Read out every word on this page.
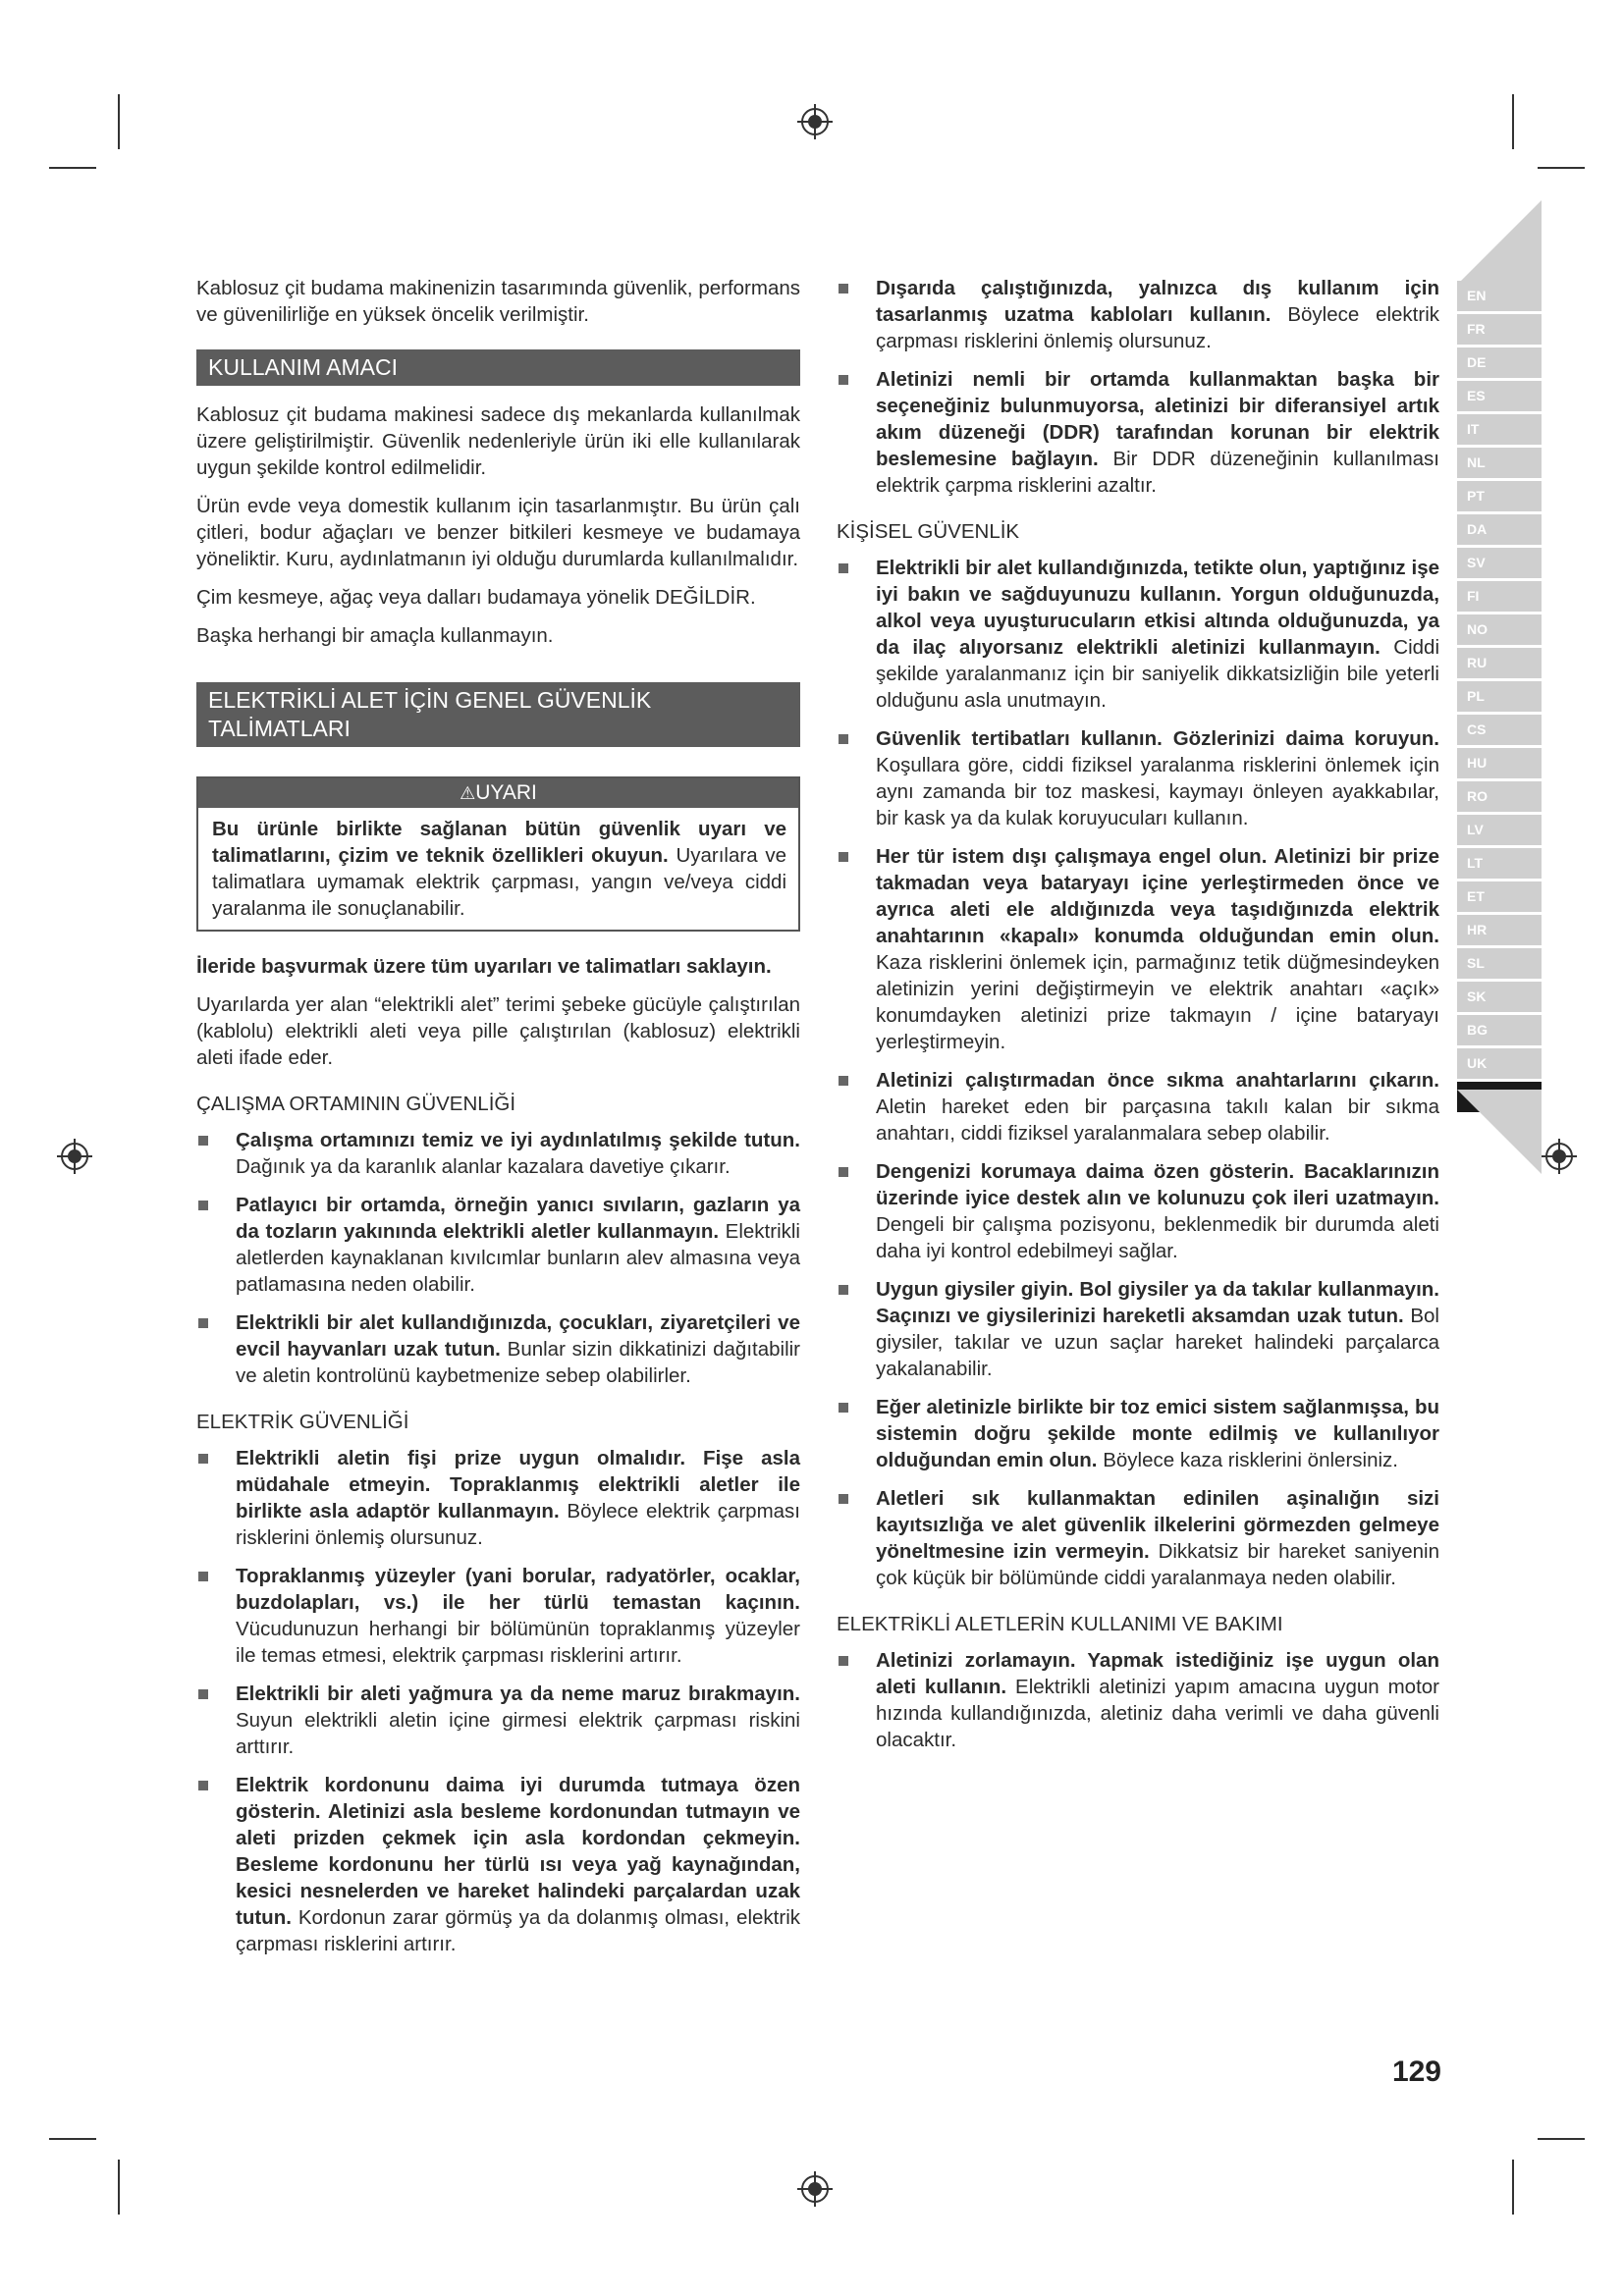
Kablosuz çit budama makinenizin tasarımında güvenlik, performans ve güvenilirliğe en yüksek öncelik verilmiştir.

KULLANIM AMACI

Kablosuz çit budama makinesi sadece dış mekanlarda kullanılmak üzere geliştirilmiştir. Güvenlik nedenleriyle ürün iki elle kullanılarak uygun şekilde kontrol edilmelidir.

Ürün evde veya domestik kullanım için tasarlanmıştır. Bu ürün çalı çitleri, bodur ağaçları ve benzer bitkileri kesmeye ve budamaya yöneliktir. Kuru, aydınlatmanın iyi olduğu durumlarda kullanılmalıdır.

Çim kesmeye, ağaç veya dalları budamaya yönelik DEĞİLDİR.

Başka herhangi bir amaçla kullanmayın.

ELEKTRİKLİ ALET İÇİN GENEL GÜVENLİK TALİMATLARI
⚠UYARI
Bu ürünle birlikte sağlanan bütün güvenlik uyarı ve talimatlarını, çizim ve teknik özellikleri okuyun. Uyarılara ve talimatlara uymamak elektrik çarpması, yangın ve/veya ciddi yaralanma ile sonuçlanabilir.

İleride başvurmak üzere tüm uyarıları ve talimatları saklayın.

Uyarılarda yer alan “elektrikli alet” terimi şebeke gücüyle çalıştırılan (kablolu) elektrikli aleti veya pille çalıştırılan (kablosuz) elektrikli aleti ifade eder.

ÇALIŞMA ORTAMININ GÜVENLİĞİ
Çalışma ortamınızı temiz ve iyi aydınlatılmış şekilde tutun. Dağınık ya da karanlık alanlar kazalara davetiye çıkarır.
Patlayıcı bir ortamda, örneğin yanıcı sıvıların, gazların ya da tozların yakınında elektrikli aletler kullanmayın. Elektrikli aletlerden kaynaklanan kıvılcımlar bunların alev almasına veya patlamasına neden olabilir.
Elektrikli bir alet kullandığınızda, çocukları, ziyaretçileri ve evcil hayvanları uzak tutun. Bunlar sizin dikkatinizi dağıtabilir ve aletin kontrolünü kaybetmenize sebep olabilirler.
ELEKTRİK GÜVENLİĞİ
Elektrikli aletin fişi prize uygun olmalıdır. Fişe asla müdahale etmeyin. Topraklanmış elektrikli aletler ile birlikte asla adaptör kullanmayın. Böylece elektrik çarpması risklerini önlemiş olursunuz.
Topraklanmış yüzeyler (yani borular, radyatörler, ocaklar, buzdolapları, vs.) ile her türlü temastan kaçının. Vücudunuzun herhangi bir bölümünün topraklanmış yüzeyler ile temas etmesi, elektrik çarpması risklerini artırır.
Elektrikli bir aleti yağmura ya da neme maruz bırakmayın. Suyun elektrikli aletin içine girmesi elektrik çarpması riskini arttırır.
Elektrik kordonunu daima iyi durumda tutmaya özen gösterin. Aletinizi asla besleme kordonundan tutmayın ve aleti prizden çekmek için asla kordondan çekmeyin. Besleme kordonunu her türlü ısı veya yağ kaynağından, kesici nesnelerden ve hareket halindeki parçalardan uzak tutun. Kordonun zarar görmüş ya da dolanmış olması, elektrik çarpması risklerini artırır.
Dışarıda çalıştığınızda, yalnızca dış kullanım için tasarlanmış uzatma kabloları kullanın. Böylece elektrik çarpması risklerini önlemiş olursunuz.
Aletinizi nemli bir ortamda kullanmaktan başka bir seçeneğiniz bulunmuyorsa, aletinizi bir diferansiyel artık akım düzeneği (DDR) tarafından korunan bir elektrik beslemesine bağlayın. Bir DDR düzeneğinin kullanılması elektrik çarpma risklerini azaltır.
KİŞİSEL GÜVENLİK
Elektrikli bir alet kullandığınızda, tetikte olun, yaptığınız işe iyi bakın ve sağduyunuzu kullanın. Yorgun olduğunuzda, alkol veya uyuşturucuların etkisi altında olduğunuzda, ya da ilaç alıyorsanız elektrikli aletinizi kullanmayın. Ciddi şekilde yaralanmanız için bir saniyelik dikkatsizliğin bile yeterli olduğunu asla unutmayın.
Güvenlik tertibatları kullanın. Gözlerinizi daima koruyun. Koşullara göre, ciddi fiziksel yaralanma risklerini önlemek için aynı zamanda bir toz maskesi, kaymayı önleyen ayakkabılar, bir kask ya da kulak koruyucuları kullanın.
Her tür istem dışı çalışmaya engel olun. Aletinizi bir prize takmadan veya bataryayı içine yerleştirmeden önce ve ayrıca aleti ele aldığınızda veya taşıdığınızda elektrik anahtarının «kapalı» konumda olduğundan emin olun. Kaza risklerini önlemek için, parmağınız tetik düğmesindeyken aletinizin yerini değiştirmeyin ve elektrik anahtarı «açık» konumdayken aletinizi prize takmayın / içine bataryayı yerleştirmeyin.
Aletinizi çalıştırmadan önce sıkma anahtarlarını çıkarın. Aletin hareket eden bir parçasına takılı kalan bir sıkma anahtarı, ciddi fiziksel yaralanmalara sebep olabilir.
Dengenizi korumaya daima özen gösterin. Bacaklarınızın üzerinde iyice destek alın ve kolunuzu çok ileri uzatmayın. Dengeli bir çalışma pozisyonu, beklenmedik bir durumda aleti daha iyi kontrol edebilmeyi sağlar.
Uygun giysiler giyin. Bol giysiler ya da takılar kullanmayın. Saçınızı ve giysilerinizi hareketli aksamdan uzak tutun. Bol giysiler, takılar ve uzun saçlar hareket halindeki parçalarca yakalanabilir.
Eğer aletinizle birlikte bir toz emici sistem sağlanmışsa, bu sistemin doğru şekilde monte edilmiş ve kullanılıyor olduğundan emin olun. Böylece kaza risklerini önlersiniz.
Aletleri sık kullanmaktan edinilen aşinalığın sizi kayıtsızlığa ve alet güvenlik ilkelerini görmezden gelmeye yöneltmesine izin vermeyin. Dikkatsiz bir hareket saniyenin çok küçük bir bölümünde ciddi yaralanmaya neden olabilir.
ELEKTRİKLİ ALETLERİN KULLANIMI VE BAKIMI
Aletinizi zorlamayın. Yapmak istediğiniz işe uygun olan aleti kullanın. Elektrikli aletinizi yapım amacına uygun motor hızında kullandığınızda, aletiniz daha verimli ve daha güvenli olacaktır.
EN
FR
DE
ES
IT
NL
PT
DA
SV
FI
NO
RU
PL
CS
HU
RO
LV
LT
ET
HR
SL
SK
BG
UK
TR
129
